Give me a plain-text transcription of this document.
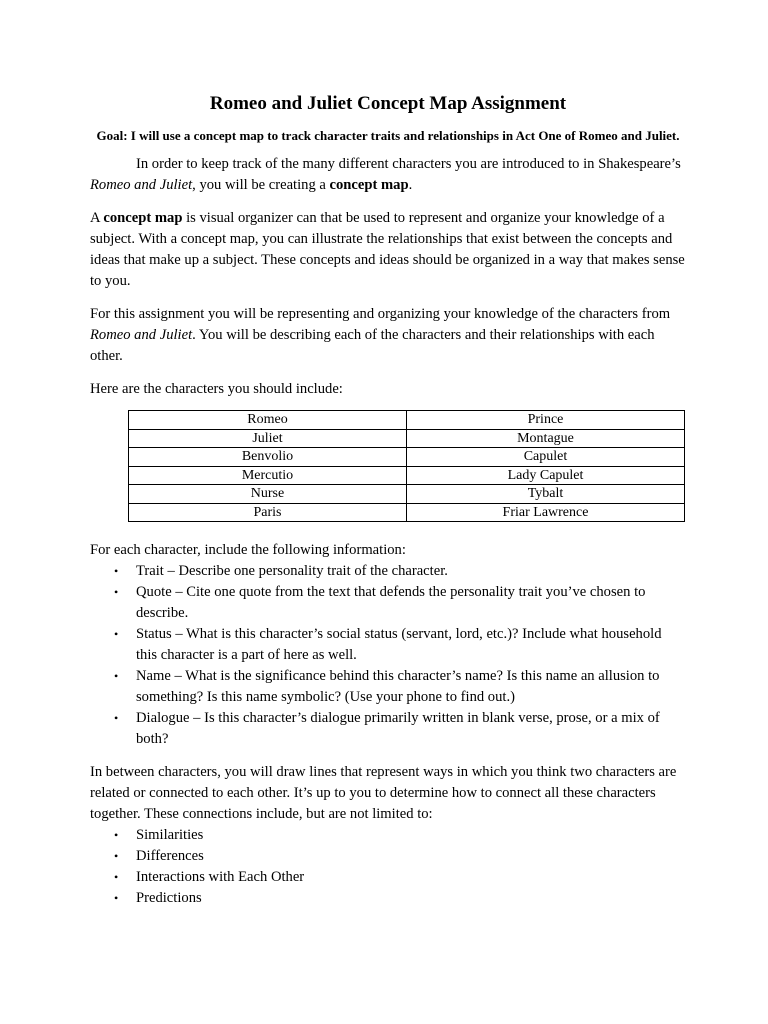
Romeo and Juliet Concept Map Assignment
Goal: I will use a concept map to track character traits and relationships in Act One of Romeo and Juliet.

In order to keep track of the many different characters you are introduced to in Shakespeare’s Romeo and Juliet, you will be creating a concept map.

A concept map is visual organizer can that be used to represent and organize your knowledge of a subject. With a concept map, you can illustrate the relationships that exist between the concepts and ideas that make up a subject. These concepts and ideas should be organized in a way that makes sense to you.

For this assignment you will be representing and organizing your knowledge of the characters from Romeo and Juliet. You will be describing each of the characters and their relationships with each other.

Here are the characters you should include:

Romeo	Prince
Juliet	Montague
Benvolio	Capulet
Mercutio	Lady Capulet
Nurse	Tybalt
Paris	Friar Lawrence

For each character, include the following information:

• Trait – Describe one personality trait of the character.
• Quote – Cite one quote from the text that defends the personality trait you’ve chosen to describe.
• Status – What is this character’s social status (servant, lord, etc.)? Include what household this character is a part of here as well.
• Name – What is the significance behind this character’s name? Is this name an allusion to something? Is this name symbolic? (Use your phone to find out.)
• Dialogue – Is this character’s dialogue primarily written in blank verse, prose, or a mix of both?

In between characters, you will draw lines that represent ways in which you think two characters are related or connected to each other. It’s up to you to determine how to connect all these characters together. These connections include, but are not limited to:

• Similarities
• Differences
• Interactions with Each Other
• Predictions
